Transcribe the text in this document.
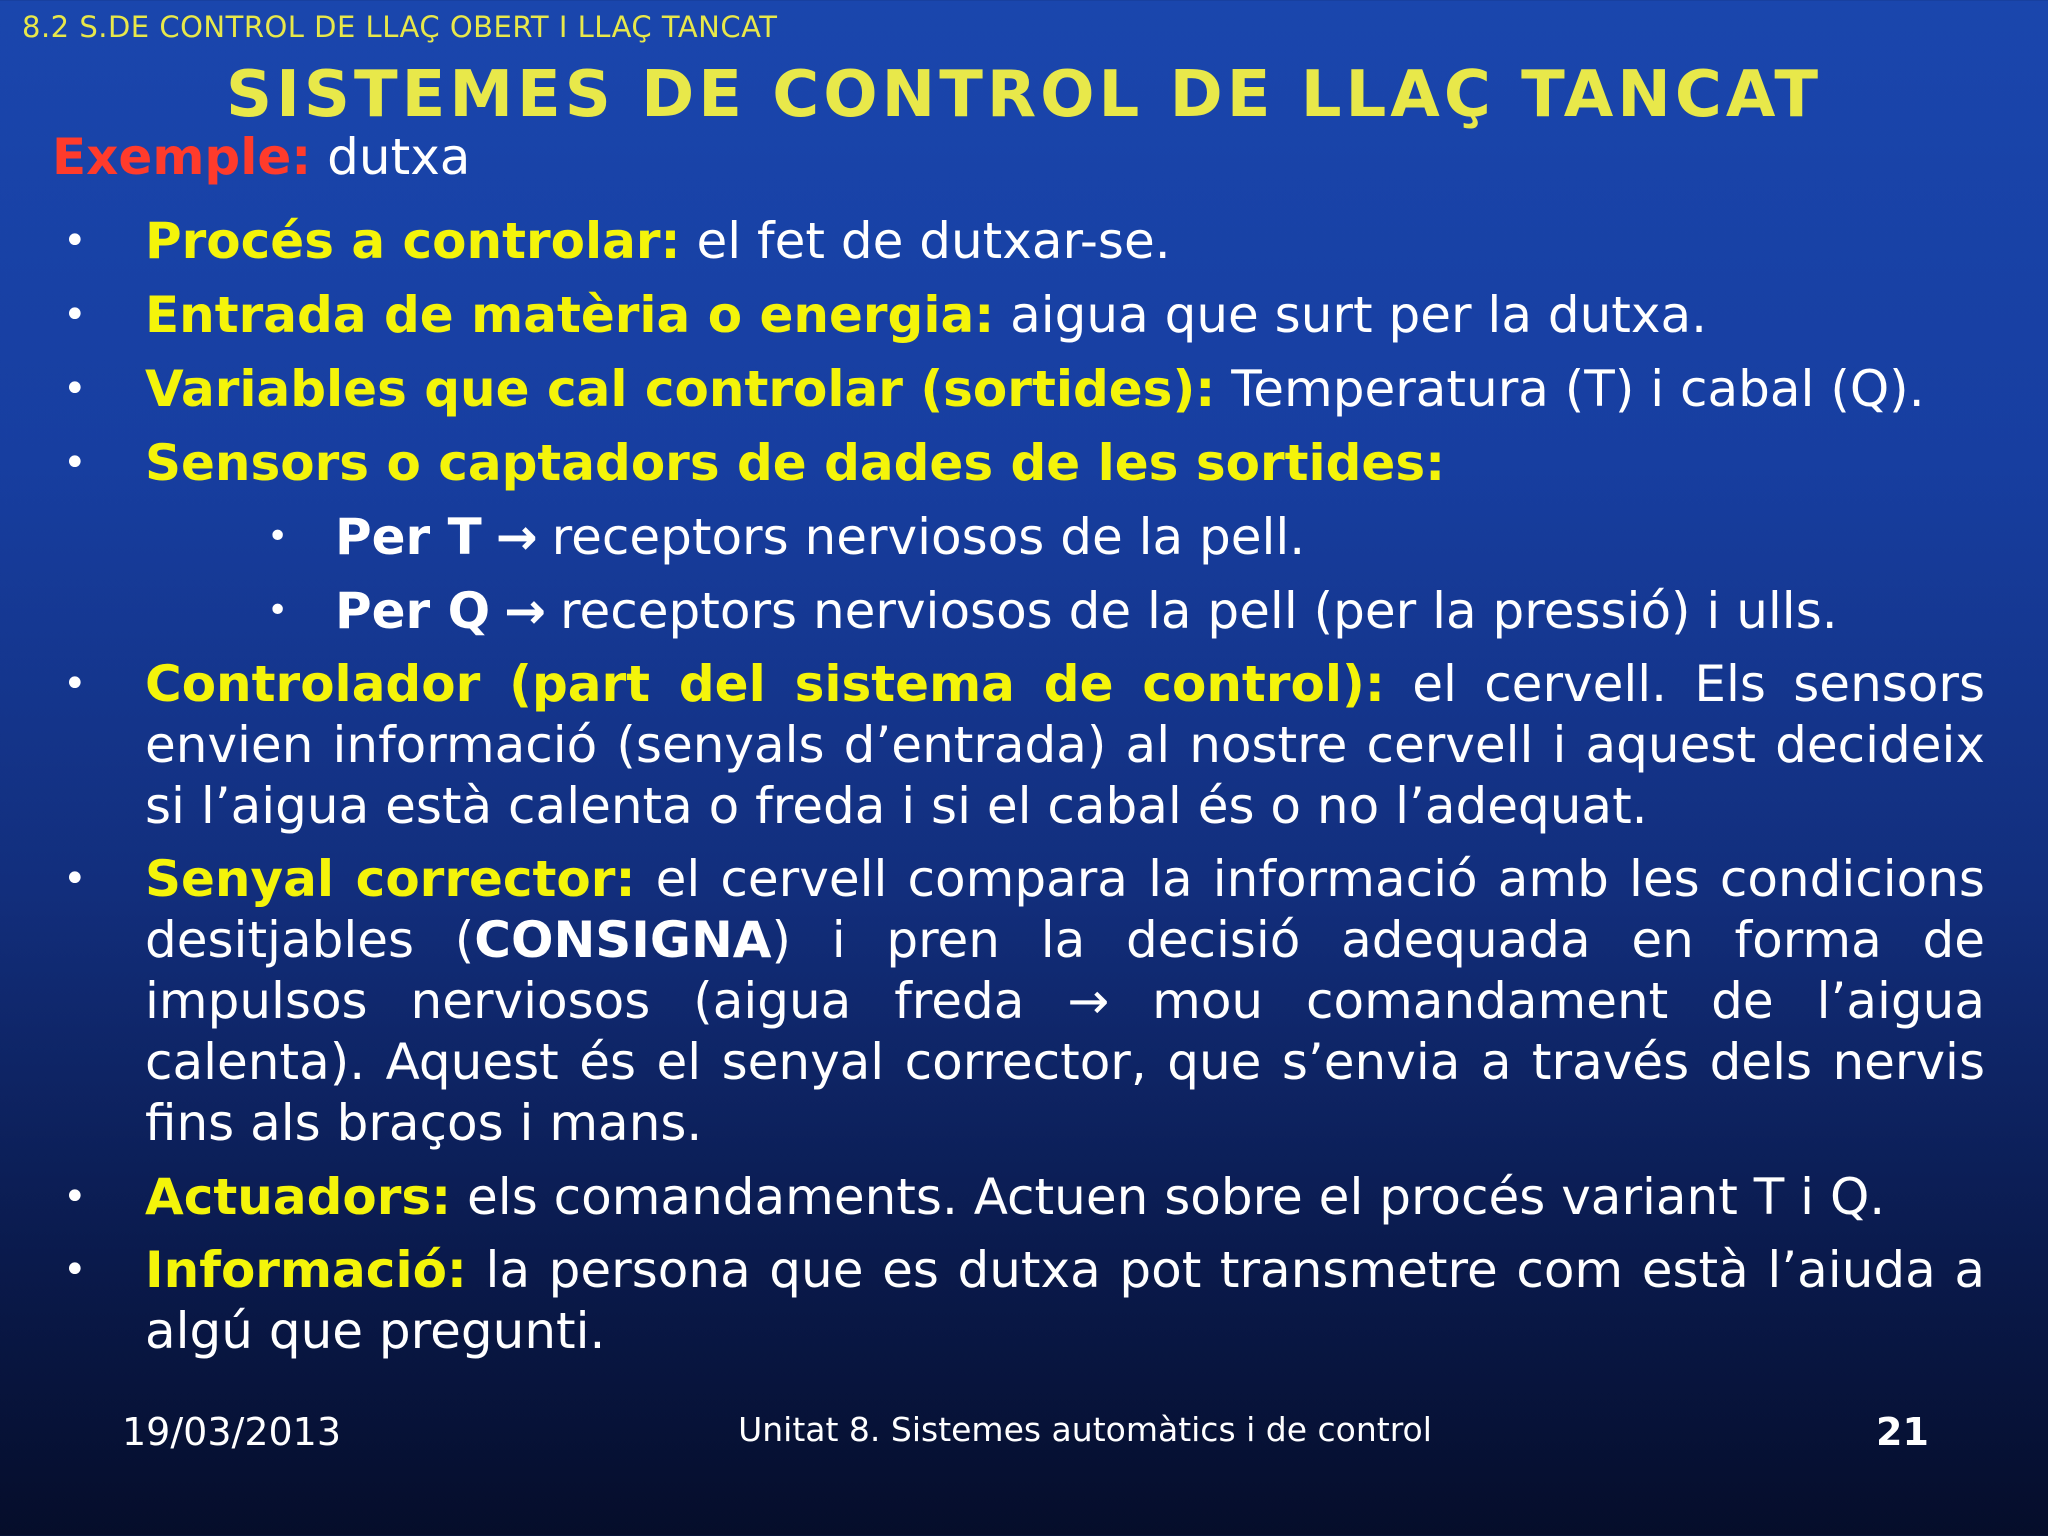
8.2 S.DE CONTROL DE LLAÇ OBERT I LLAÇ TANCAT
SISTEMES DE CONTROL DE LLAÇ TANCAT
Exemple: dutxa
• Procés a controlar: el fet de dutxar-se.
• Entrada de matèria o energia: aigua que surt per la dutxa.
• Variables que cal controlar (sortides): Temperatura (T) i cabal (Q).
• Sensors o captadors de dades de les sortides:
• Per T → receptors nerviosos de la pell.
• Per Q → receptors nerviosos de la pell (per la pressió) i ulls.
• Controlador (part del sistema de control): el cervell. Els sensors envien informació (senyals d’entrada) al nostre cervell i aquest decideix si l’aigua està calenta o freda i si el cabal és o no l’adequat.
• Senyal corrector: el cervell compara la informació amb les condicions desitjables (CONSIGNA) i pren la decisió adequada en forma de impulsos nerviosos (aigua freda → mou comandament de l’aigua calenta). Aquest és el senyal corrector, que s’envia a través dels nervis fins als braços i mans.
• Actuadors: els comandaments. Actuen sobre el procés variant T i Q.
• Informació: la persona que es dutxa pot transmetre com està l’aiuda a algú que pregunti.
19/03/2013	Unitat 8. Sistemes automàtics i de control	21
